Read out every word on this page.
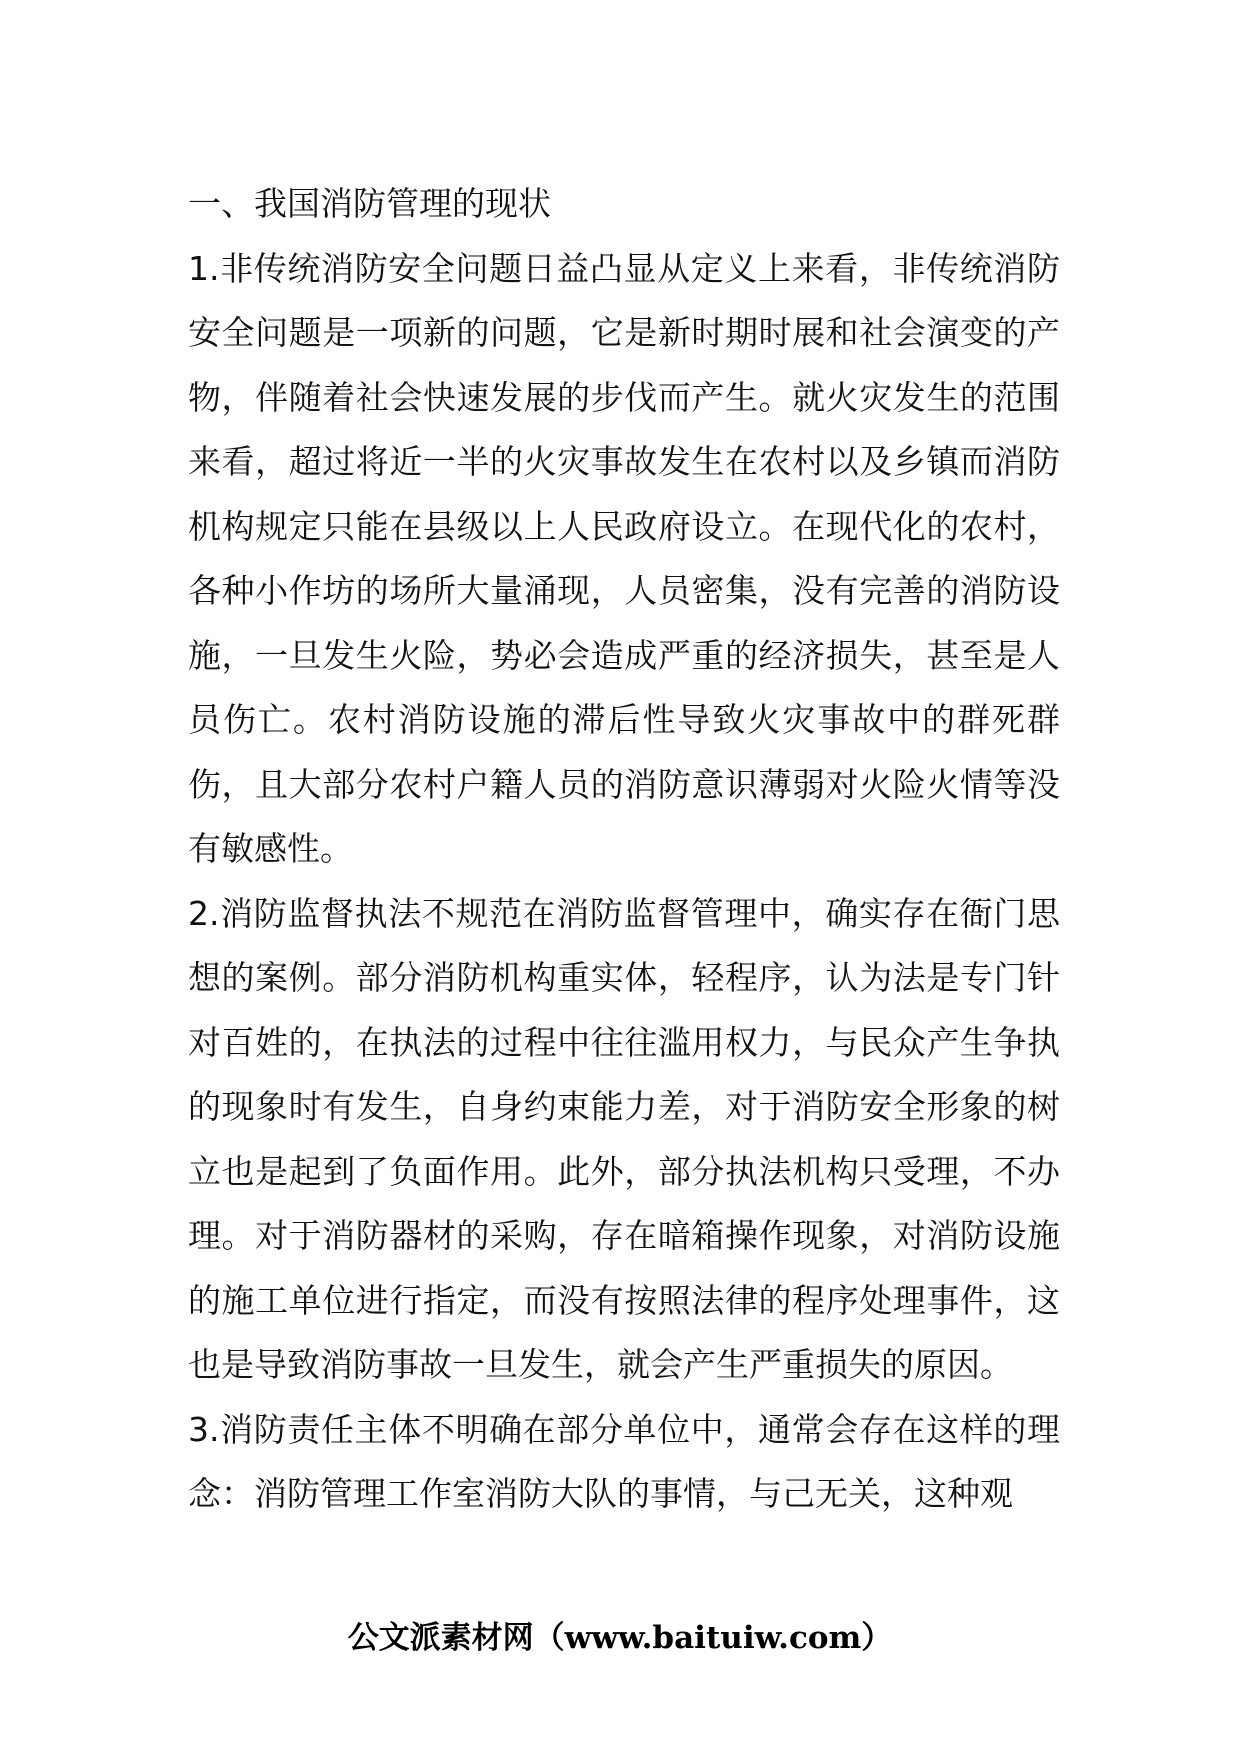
一、我国消防管理的现状

1.非传统消防安全问题日益凸显从定义上来看，非传统消防安全问题是一项新的问题，它是新时期时展和社会演变的产物，伴随着社会快速发展的步伐而产生。就火灾发生的范围来看，超过将近一半的火灾事故发生在农村以及乡镇而消防机构规定只能在县级以上人民政府设立。在现代化的农村，各种小作坊的场所大量涌现，人员密集，没有完善的消防设施，一旦发生火险，势必会造成严重的经济损失，甚至是人员伤亡。农村消防设施的滞后性导致火灾事故中的群死群伤，且大部分农村户籍人员的消防意识薄弱对火险火情等没有敏感性。

2.消防监督执法不规范在消防监督管理中，确实存在衙门思想的案例。部分消防机构重实体，轻程序，认为法是专门针对百姓的，在执法的过程中往往滥用权力，与民众产生争执的现象时有发生，自身约束能力差，对于消防安全形象的树立也是起到了负面作用。此外，部分执法机构只受理，不办理。对于消防器材的采购，存在暗箱操作现象，对消防设施的施工单位进行指定，而没有按照法律的程序处理事件，这也是导致消防事故一旦发生，就会产生严重损失的原因。

3.消防责任主体不明确在部分单位中，通常会存在这样的理念：消防管理工作室消防大队的事情，与己无关，这种观

公文派素材网（www.baituiw.com）
